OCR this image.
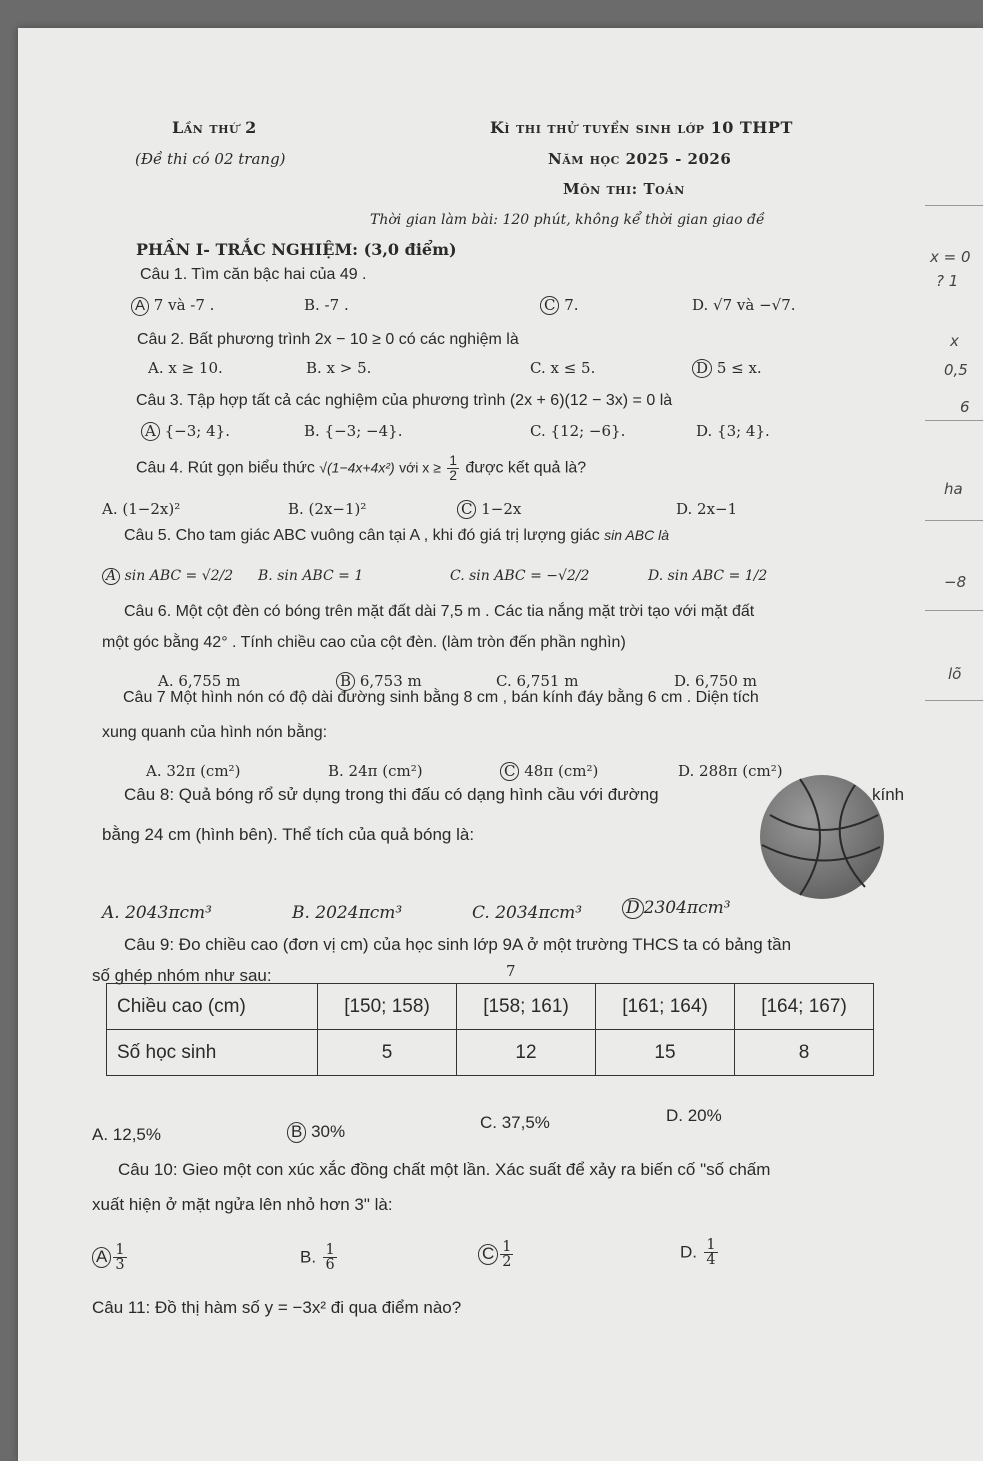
Lần thứ 2	Kì thi thử tuyển sinh lớp 10 THPT
(Đề thi có 02 trang)	Năm học 2025 - 2026
Môn thi: Toán
Thời gian làm bài: 120 phút, không kể thời gian giao đề
PHẦN I- TRẮC NGHIỆM: (3,0 điểm)
Câu 1. Tìm căn bậc hai của 49 .
A 7 và -7 .	B. -7 .	C 7.	D. √7 và −√7.
Câu 2. Bất phương trình 2x − 10 ≥ 0 có các nghiệm là
A. x ≥ 10.	B. x > 5.	C. x ≤ 5.	D 5 ≤ x.
Câu 3. Tập hợp tất cả các nghiệm của phương trình (2x + 6)(12 − 3x) = 0 là
A {−3; 4}.	B. {−3; −4}.	C. {12; −6}.	D. {3; 4}.
Câu 4. Rút gọn biểu thức √(1−4x+4x²) với $x \ge \frac{1}{2}$ được kết quả là?
A. (1−2x)²	B. (2x−1)²	C 1−2x	D. 2x−1
Câu 5. Cho tam giác ABC vuông cân tại A , khi đó giá trị lượng giác sin ABC là
A sin ABC = √2/2 B. sin ABC = 1	C. sin ABC = −√2/2	D. sin ABC = 1/2
Câu 6. Một cột đèn có bóng trên mặt đất dài 7,5 m . Các tia nắng mặt trời tạo với mặt đất
một góc bằng 42° . Tính chiều cao của cột đèn. (làm tròn đến phần nghìn)
A. 6,755 m	B 6,753 m	C. 6,751 m	D. 6,750 m
Câu 7 Một hình nón có độ dài đường sinh bằng 8 cm , bán kính đáy bằng 6 cm . Diện tích
xung quanh của hình nón bằng:
A. 32π (cm²)	B. 24π (cm²)	C 48π (cm²)	D. 288π (cm²)
Câu 8: Quả bóng rổ sử dụng trong thi đấu có dạng hình cầu với đường	kính
bằng 24 cm (hình bên). Thể tích của quả bóng là:
A. 2043πcm³	B. 2024πcm³	C. 2034πcm³	D 2304πcm³
Câu 9: Đo chiều cao (đơn vị cm) của học sinh lớp 9A ở một trường THCS ta có bảng tần
số ghép nhóm như sau:	7
Chiều cao (cm)	[150; 158)	[158; 161)	[161; 164)	[164; 167)
Số học sinh	5	12	15	8
A. 12,5%	B 30%	C. 37,5%	D. 20%
Câu 10: Gieo một con xúc xắc đồng chất một lần. Xác suất để xảy ra biến cố "số chấm
xuất hiện ở mặt ngửa lên nhỏ hơn 3" là:
A $\frac{1}{3}$	B. $\frac{1}{6}$	C $\frac{1}{2}$	D. $\frac{1}{4}$
Câu 11: Đồ thị hàm số y = −3x² đi qua điểm nào?
x = 0
? 1
x
0,5
6
ha
−8
lõ
